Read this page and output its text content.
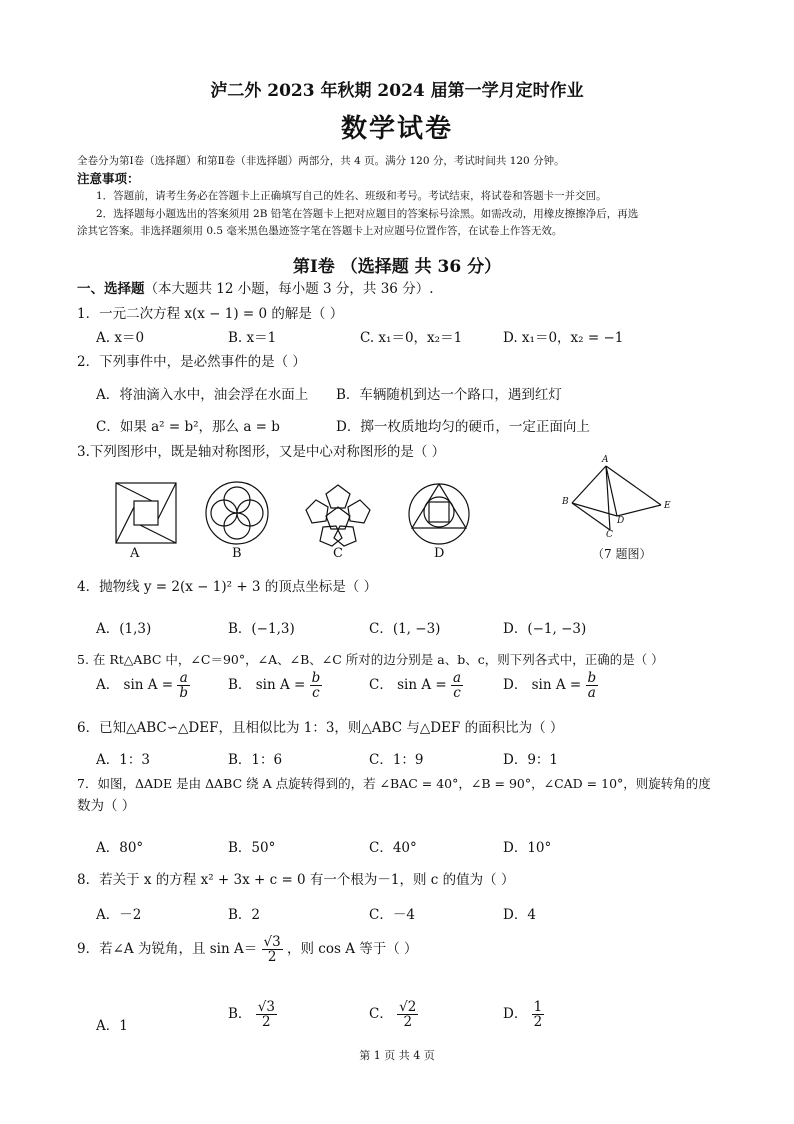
泸二外 2023 年秋期 2024 届第一学月定时作业
数学试卷
全卷分为第Ⅰ卷（选择题）和第Ⅱ卷（非选择题）两部分，共 4 页。满分 120 分，考试时间共 120 分钟。
注意事项：
1．答题前，请考生务必在答题卡上正确填写自己的姓名、班级和考号。考试结束，将试卷和答题卡一并交回。
2．选择题每小题选出的答案须用 2B 铅笔在答题卡上把对应题目的答案标号涂黑。如需改动，用橡皮擦擦净后，再选
涂其它答案。非选择题须用 0.5 毫米黑色墨迹签字笔在答题卡上对应题号位置作答，在试卷上作答无效。
第Ⅰ卷 （选择题 共 36 分）
一、选择题（本大题共 12 小题，每小题 3 分，共 36 分）.
1．一元二次方程 x(x − 1) = 0 的解是（ ）
A. x＝0	B. x＝1	C. x₁＝0，x₂＝1	D. x₁＝0，x₂ = −1
2．下列事件中，是必然事件的是（ ）
A．将油滴入水中，油会浮在水面上 B．车辆随机到达一个路口，遇到红灯
C．如果 a² = b²，那么 a = b	D．掷一枚质地均匀的硬币，一定正面向上
3.下列图形中，既是轴对称图形，又是中心对称图形的是（ ）
A	B	C	D
A
B
C
D
E
（7 题图）
4．抛物线 y = 2(x − 1)² + 3 的顶点坐标是（ ）
A．(1,3)	B．(−1,3)	C．(1, −3)	D．(−1, −3)
5. 在 Rt△ABC 中，∠C＝90°，∠A、∠B、∠C 所对的边分别是 a、b、c，则下列各式中，正确的是（ ）
A． $\sin A = \frac{a}{b}$	B． $\sin A = \frac{b}{c}$	C． $\sin A = \frac{a}{c}$	D． $\sin A = \frac{b}{a}$
6．已知△ABC∽△DEF，且相似比为 1：3，则△ABC 与△DEF 的面积比为（ ）
A．1：3	B．1：6	C．1：9	D．9：1
7．如图，ΔADE 是由 ΔABC 绕 A 点旋转得到的，若 ∠BAC = 40°，∠B = 90°，∠CAD = 10°，则旋转角的度
数为（ ）
A．80°	B．50°	C．40°	D．10°
8．若关于 x 的方程 x² + 3x + c = 0 有一个根为－1，则 c 的值为（ ）
A．－2	B．2	C．－4	D．4
9．若∠A 为锐角，且 $\sin A= \frac{√3}{2}$ ，则 cos A 等于（ ）
A．1
B． $\frac{√3}{2}$	C． $\frac{√2}{2}$	D． $\frac{1}{2}$
第 1 页 共 4 页
